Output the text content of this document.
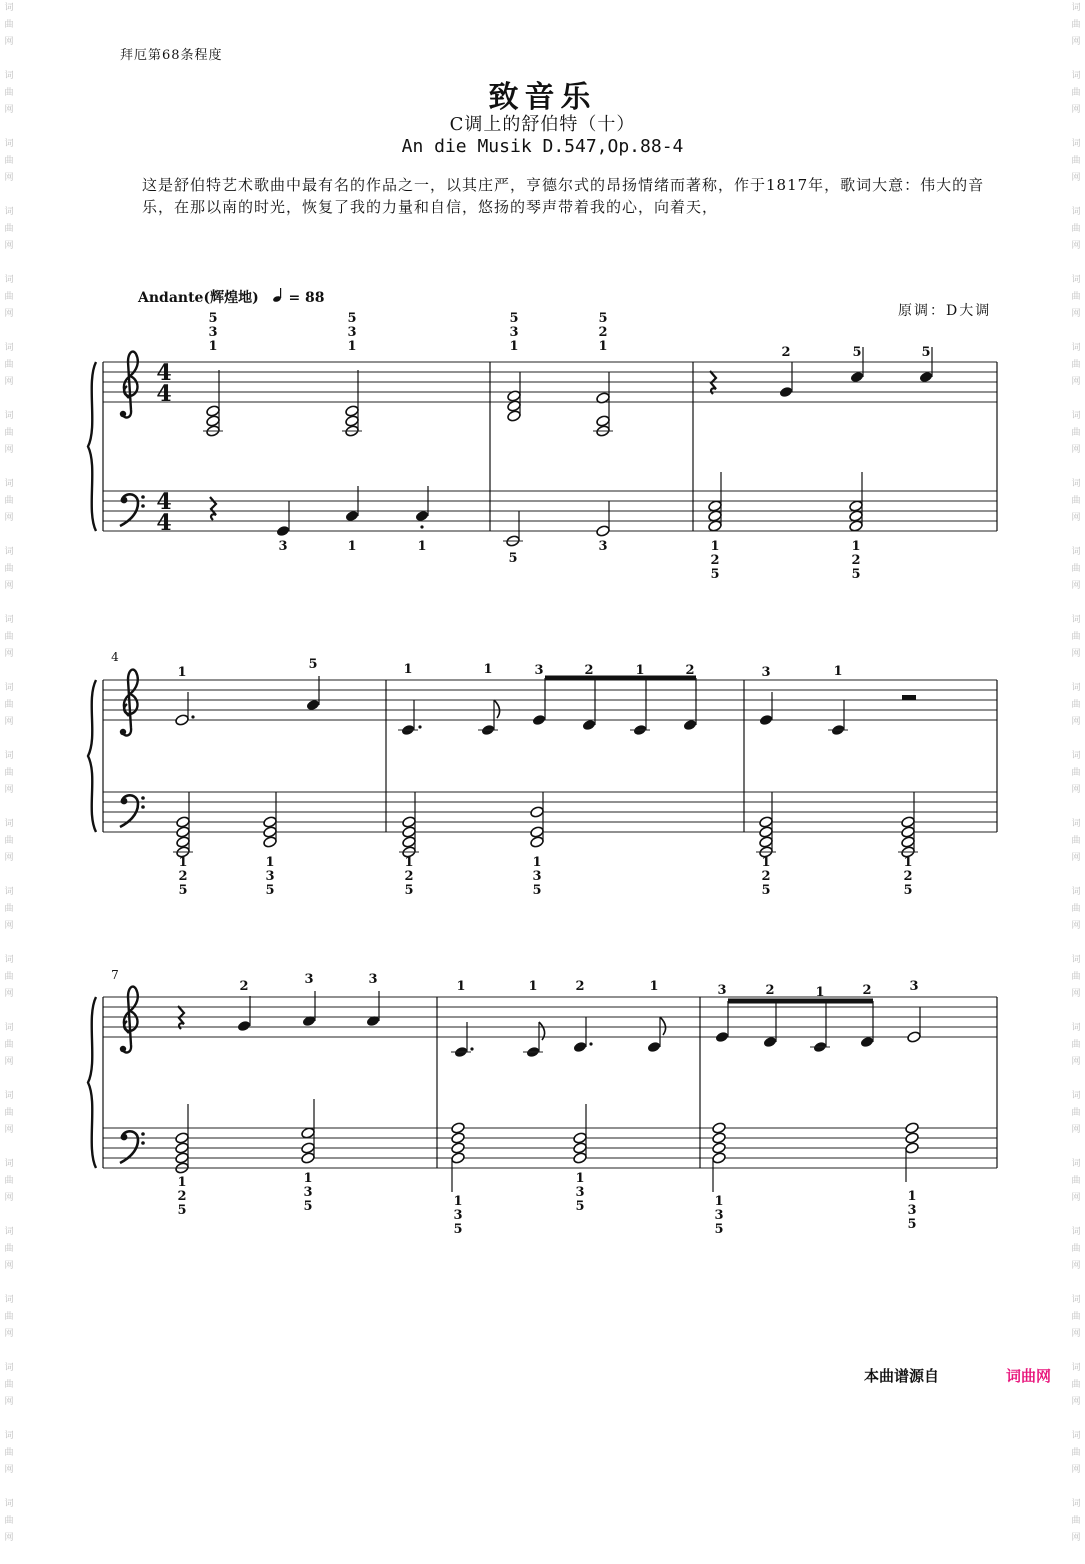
词
曲
网

词
曲
网

词
曲
网

词
曲
网

词
曲
网

词
曲
网

词
曲
网

词
曲
网

词
曲
网

词
曲
网

词
曲
网

词
曲
网

词
曲
网

词
曲
网

词
曲
网

词
曲
网

词
曲
网

词
曲
网

词
曲
网

词
曲
网

词
曲
网

词
曲
网

词
曲
网

词
曲
网

词
曲
网

词
曲
网

词
曲
网

词
曲
网

词
曲
网

词
曲
网

词
曲
网

词
曲
网

词
曲
网

词
曲
网

词
曲
网

词
曲
网

词
曲
网

词
曲
网

词
曲
网

词
曲
网

词
曲
网

词
曲
网

词
曲
网

词
曲
网

词
曲
网

词
曲
网

拜厄第68条程度
致音乐
C调上的舒伯特（十）
An die Musik D.547,Op.88-4
这是舒伯特艺术歌曲中最有名的作品之一，以其庄严，亨德尔式的昂扬情绪而著称，作于1817年，歌词大意：伟大的音乐，在那以南的时光，恢复了我的力量和自信，悠扬的琴声带着我的心，向着天，
Andante(辉煌地) = 88
原调：D大调
4
4
4
4
5
3
1
5
3
1
5
3
1
5
2
1	2	5	5
3	1	1
5
3	1
2
5
1
2
5
4
1
5	1	1	3	2	1	2	3	1
1
2
5
1
3
5
1
2
5
1
3
5
1
2
5
1
2
5
7
2	3	3	1	1	2	1	3	2	1	2	3
1
2
5
1
3
5	1
3
5
1
3
5	1
3
5
1
3
5
本曲谱源自	词曲网
